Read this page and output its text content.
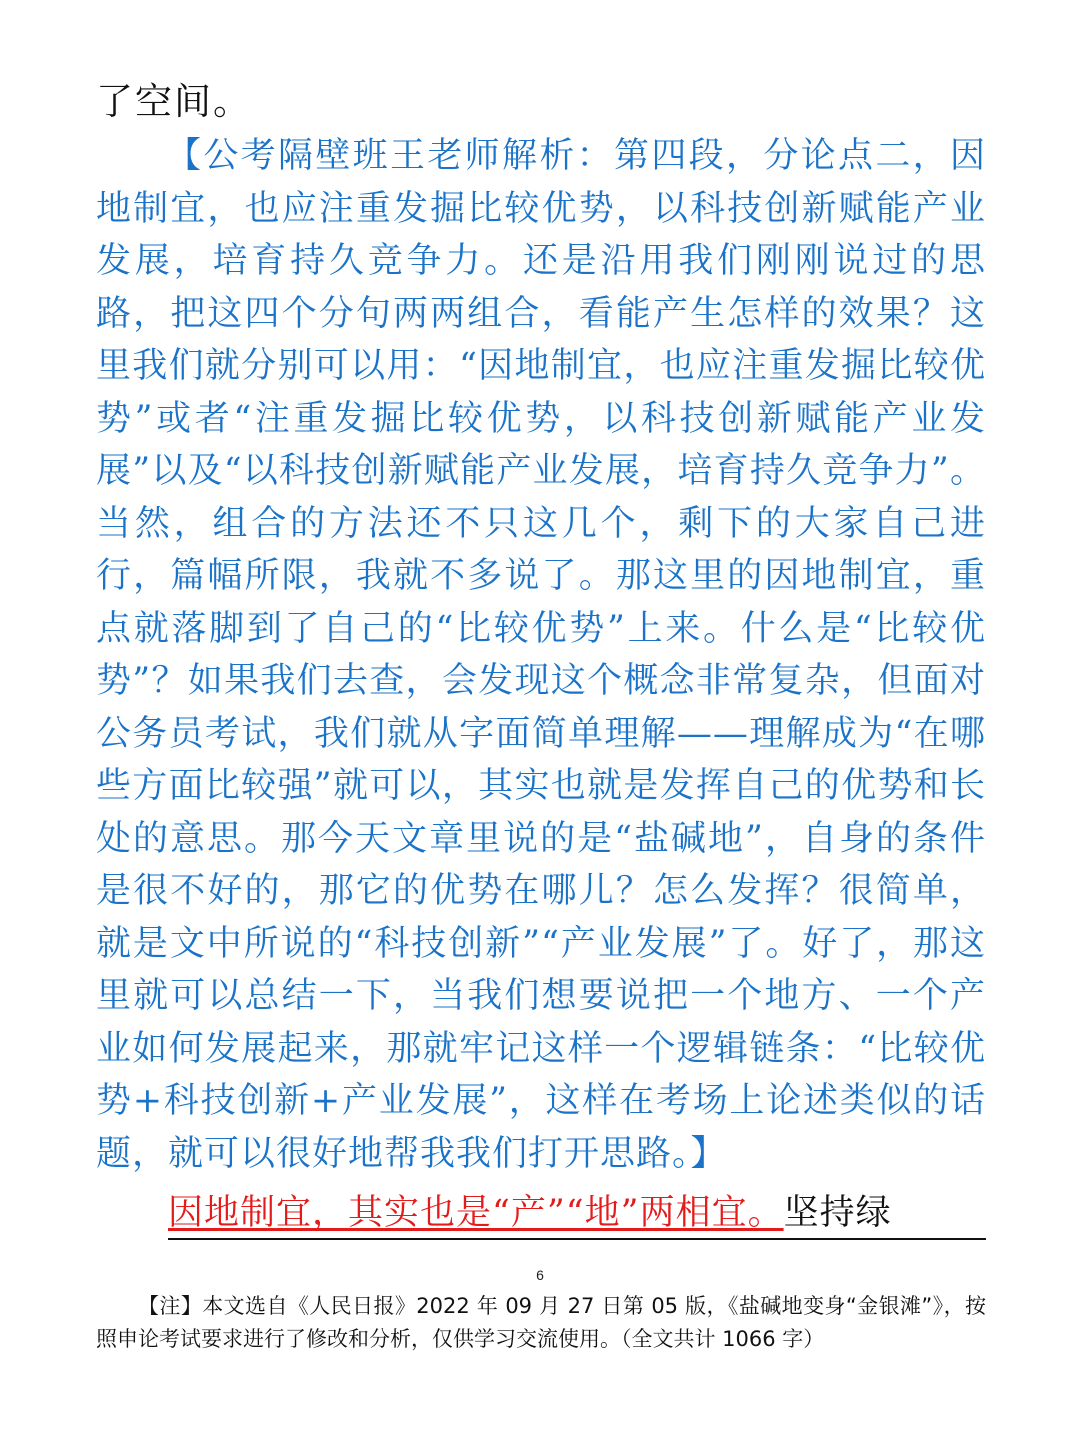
了空间。
【公考隔壁班王老师解析：第四段，分论点二，因地制宜，也应注重发掘比较优势，以科技创新赋能产业发展，培育持久竞争力。还是沿用我们刚刚说过的思路，把这四个分句两两组合，看能产生怎样的效果？这里我们就分别可以用：“因地制宜，也应注重发掘比较优势”或者“注重发掘比较优势，以科技创新赋能产业发展”以及“以科技创新赋能产业发展，培育持久竞争力”。当然，组合的方法还不只这几个，剩下的大家自己进行，篇幅所限，我就不多说了。那这里的因地制宜，重点就落脚到了自己的“比较优势”上来。什么是“比较优势”？如果我们去查，会发现这个概念非常复杂，但面对公务员考试，我们就从字面简单理解——理解成为“在哪些方面比较强”就可以，其实也就是发挥自己的优势和长处的意思。那今天文章里说的是“盐碱地”，自身的条件是很不好的，那它的优势在哪儿？怎么发挥？很简单，就是文中所说的“科技创新”“产业发展”了。好了，那这里就可以总结一下，当我们想要说把一个地方、一个产业如何发展起来，那就牢记这样一个逻辑链条：“比较优势+科技创新+产业发展”，这样在考场上论述类似的话题，就可以很好地帮我我们打开思路。】
因地制宜，其实也是“产”“地”两相宜。坚持绿
6
【注】本文选自《人民日报》2022 年 09 月 27 日第 05 版，《盐碱地变身“金银滩”》，按照申论考试要求进行了修改和分析，仅供学习交流使用。（全文共计 1066 字）
